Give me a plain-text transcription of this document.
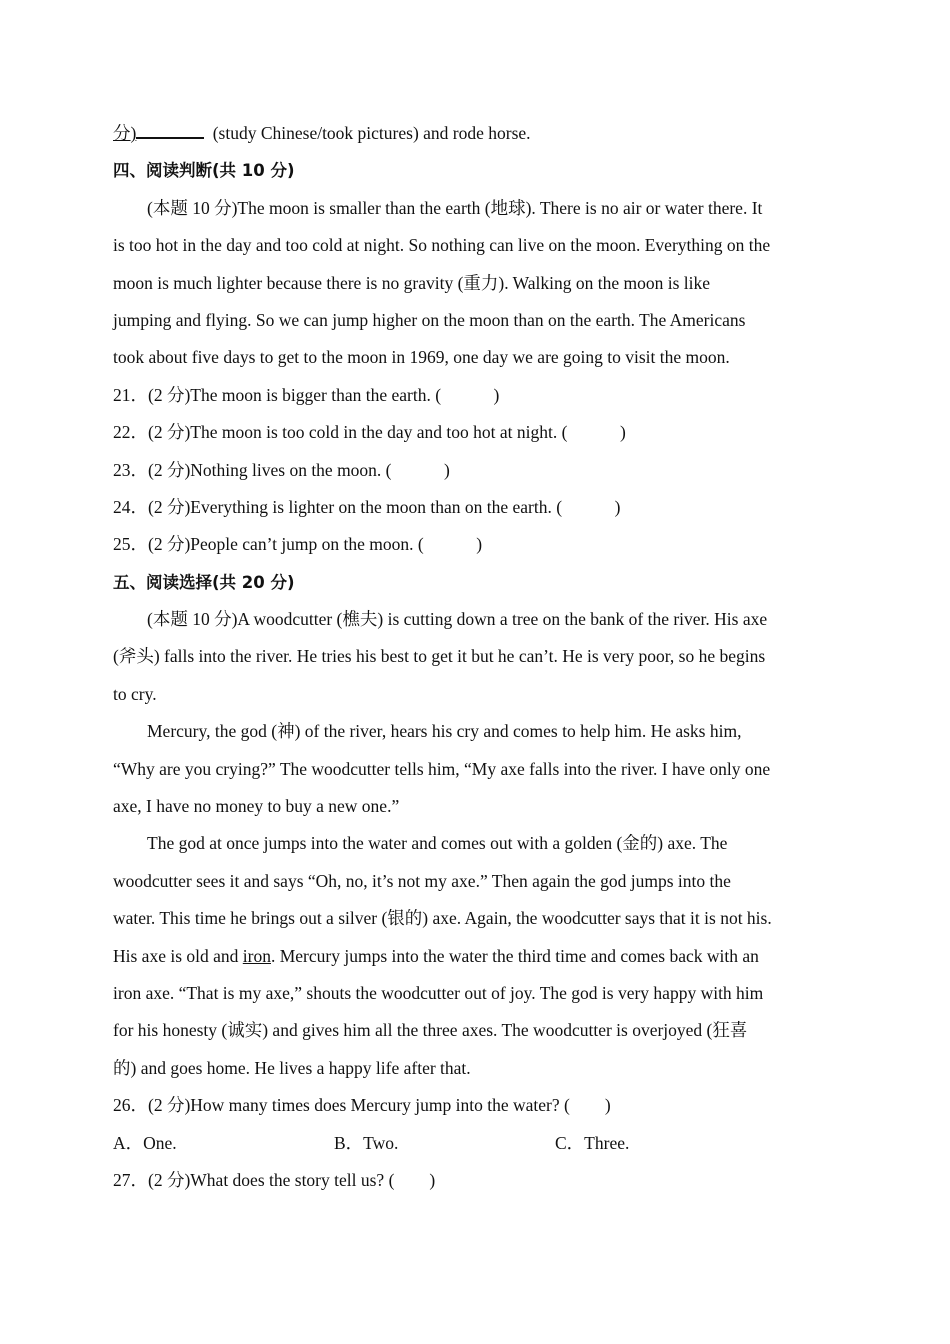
分)	(study Chinese/took pictures) and rode horse.
四、阅读判断(共 10 分)
(本题 10 分)The moon is smaller than the earth (地球). There is no air or water there. It
is too hot in the day and too cold at night. So nothing can live on the moon. Everything on the
moon is much lighter because there is no gravity (重力). Walking on the moon is like
jumping and flying. So we can jump higher on the moon than on the earth. The Americans
took about five days to get to the moon in 1969, one day we are going to visit the moon.
21．(2 分)The moon is bigger than the earth. (　　　)
22．(2 分)The moon is too cold in the day and too hot at night. (　　　)
23．(2 分)Nothing lives on the moon. (　　　)
24．(2 分)Everything is lighter on the moon than on the earth. (　　　)
25．(2 分)People can’t jump on the moon. (　　　)
五、阅读选择(共 20 分)
(本题 10 分)A woodcutter (樵夫) is cutting down a tree on the bank of the river. His axe
(斧头) falls into the river. He tries his best to get it but he can’t. He is very poor, so he begins
to cry.
Mercury, the god (神) of the river, hears his cry and comes to help him. He asks him,
“Why are you crying?” The woodcutter tells him, “My axe falls into the river. I have only one
axe, I have no money to buy a new one.”
The god at once jumps into the water and comes out with a golden (金的) axe. The
woodcutter sees it and says “Oh, no, it’s not my axe.” Then again the god jumps into the
water. This time he brings out a silver (银的) axe. Again, the woodcutter says that it is not his.
His axe is old and iron. Mercury jumps into the water the third time and comes back with an
iron axe. “That is my axe,” shouts the woodcutter out of joy. The god is very happy with him
for his honesty (诚实) and gives him all the three axes. The woodcutter is overjoyed (狂喜
的) and goes home. He lives a happy life after that.
26．(2 分)How many times does Mercury jump into the water? (　　)
A．One.	B．Two.	C．Three.
27．(2 分)What does the story tell us? (　　)
